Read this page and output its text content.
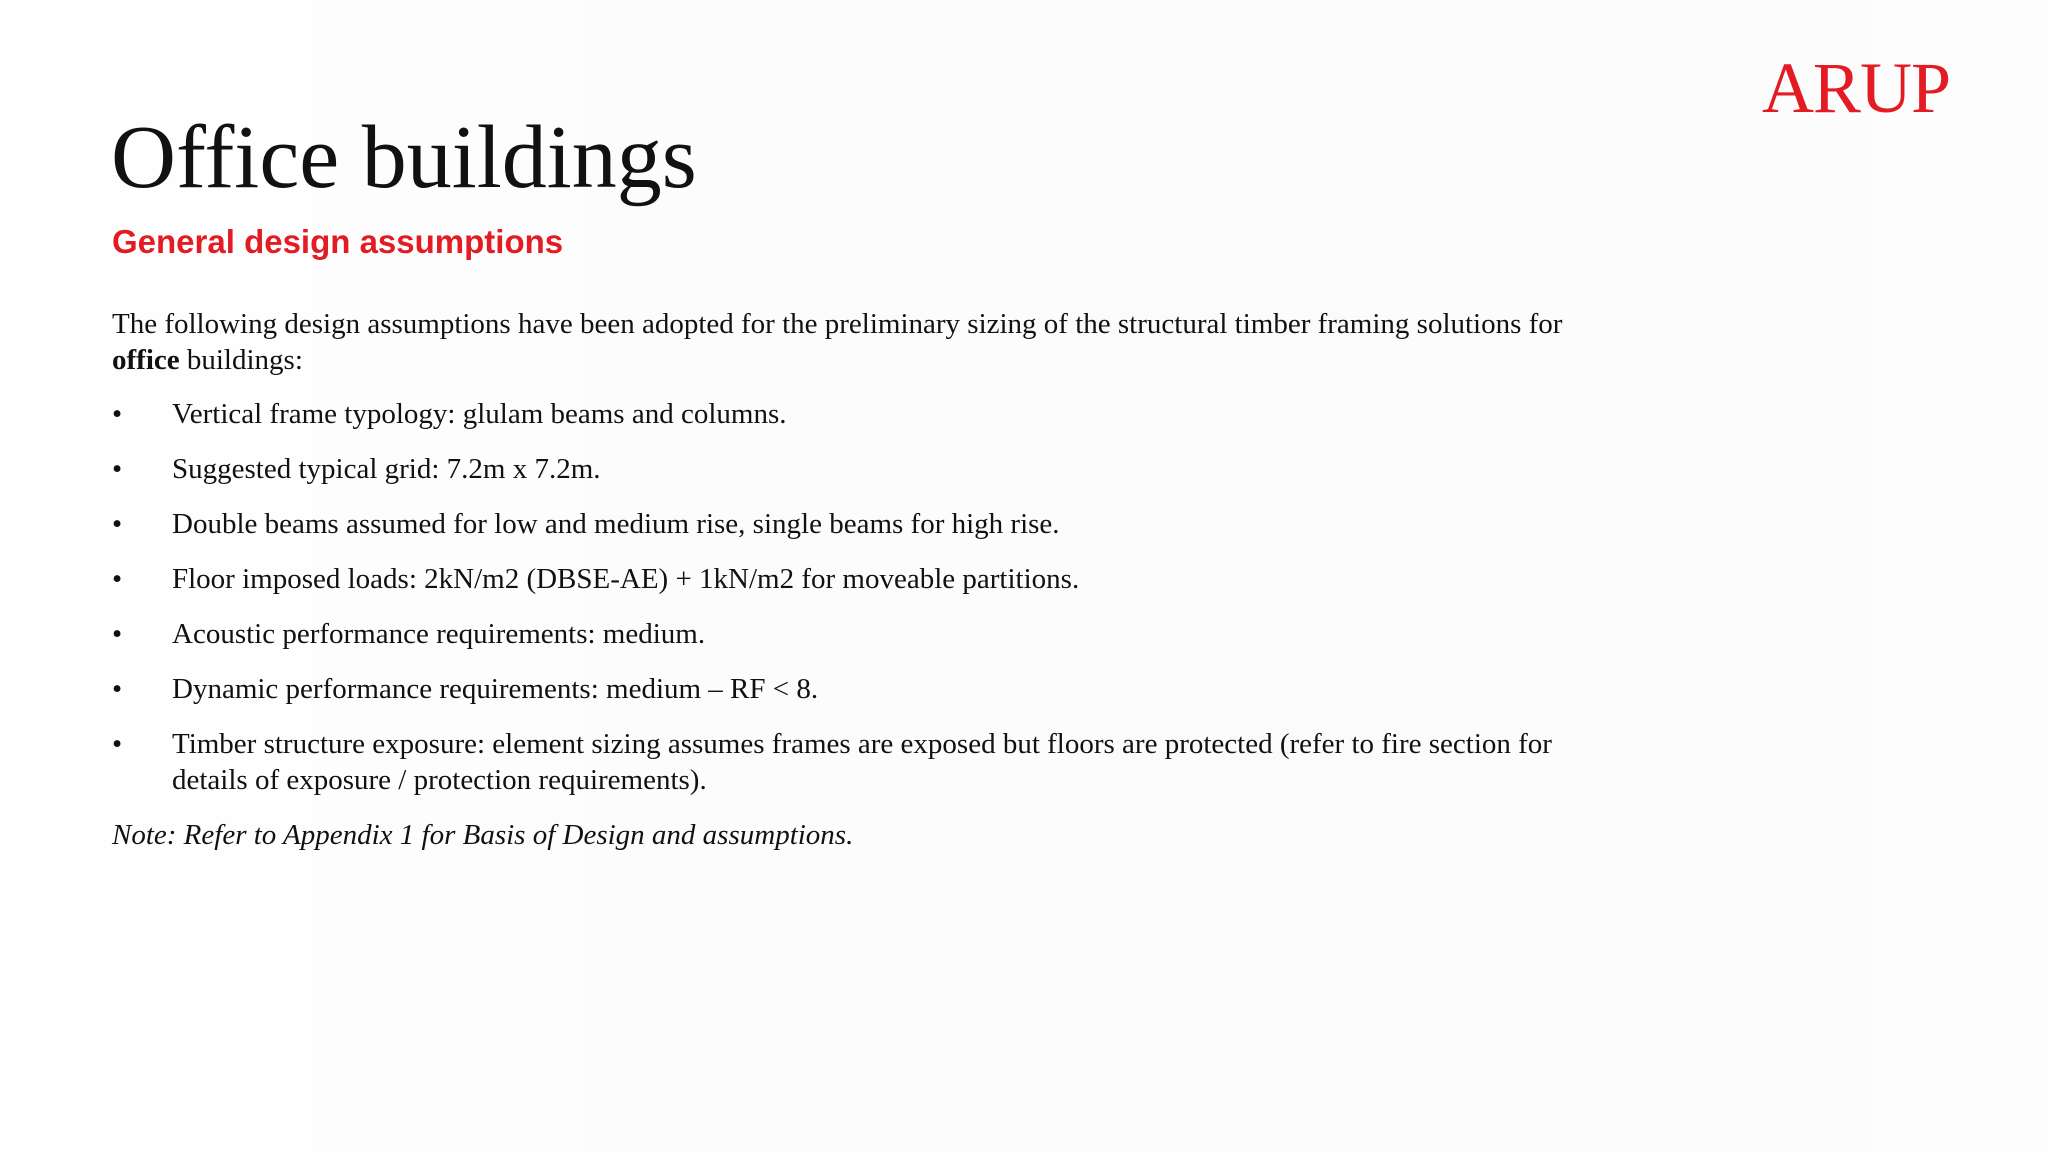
ARUP
Office buildings
General design assumptions

The following design assumptions have been adopted for the preliminary sizing of the structural timber framing solutions for office buildings:

• Vertical frame typology: glulam beams and columns.
• Suggested typical grid: 7.2m x 7.2m.
• Double beams assumed for low and medium rise, single beams for high rise.
• Floor imposed loads: 2kN/m2 (DBSE-AE) + 1kN/m2 for moveable partitions.
• Acoustic performance requirements: medium.
• Dynamic performance requirements: medium – RF < 8.
• Timber structure exposure: element sizing assumes frames are exposed but floors are protected (refer to fire section for details of exposure / protection requirements).

Note: Refer to Appendix 1 for Basis of Design and assumptions.
